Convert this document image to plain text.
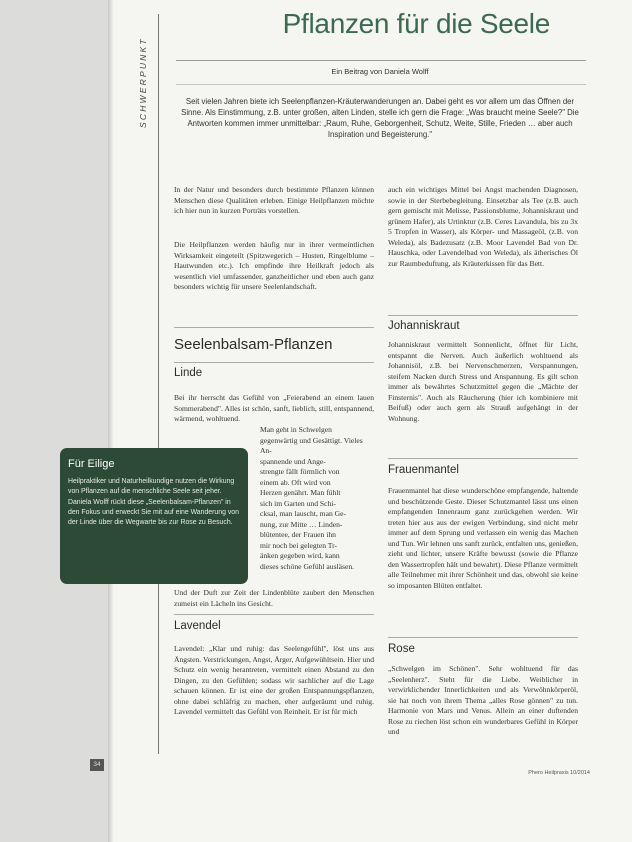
SCHWERPUNKT
Pflanzen für die Seele
Ein Beitrag von Daniela Wolff
Seit vielen Jahren biete ich Seelenpflanzen-Kräuterwanderungen an. Dabei geht es vor allem um das Öffnen der Sinne. Als Einstimmung, z.B. unter großen, alten Linden, stelle ich gern die Frage: „Was braucht meine Seele?" Die Antworten kommen immer unmittelbar: „Raum, Ruhe, Geborgenheit, Schutz, Weite, Stille, Frieden … aber auch Inspiration und Begeisterung."
In der Natur und besonders durch bestimmte Pflanzen können Menschen diese Qualitäten erleben. Einige Heilpflanzen möchte ich hier nun in kurzen Porträts vorstellen.
Die Heilpflanzen werden häufig nur in ihrer vermeintlichen Wirksamkeit eingeteilt (Spitzwegerich – Husten, Ringelblume – Hautwunden etc.). Ich empfinde ihre Heilkraft jedoch als wesentlich viel umfassender, ganzheitlicher und eben auch ganz besonders wichtig für unsere Seelenlandschaft.
Seelenbalsam-Pflanzen
Linde
Bei ihr herrscht das Gefühl von „Feierabend an einem lauen Sommerabend". Alles ist schön, sanft, lieblich, still, entspannend, wärmend, wohltuend.

Man geht in Schwelgen

gegenwärtig und Gesättigt. Vieles An-

spannende und Ange-

strengte fällt förmlich von

einem ab. Oft wird von

Herzen genährt. Man fühlt

sich im Garten und Schi-

cksal, man lauscht, man Ge-

nung, zur Mitte … Linden-

blütentee, der Frauen ihn

mir noch bei gelegten Tr-

änken gegeben wird, kann

dieses schöne Gefühl ausläsen.

Und der Duft zur Zeit der Lindenblüte zaubert den Menschen zumeist ein Lächeln ins Gesicht.
Lavendel
Lavendel: „Klar und ruhig: das Seelengefühl", löst uns aus Ängsten. Verstrickungen, Angst, Ärger, Aufgewühltsein. Hier und Schutz ein wenig herantreten, vermittelt einen Abstand zu den Dingen, zu den Gefühlen; sodass wir sachlicher auf die Lage schauen können. Er ist eine der großen Entspannungspflanzen, ohne dabei schläfrig zu machen, eher aufgeräumt und ruhig. Lavendel vermittelt das Gefühl von Reinheit. Er ist für mich
auch ein wichtiges Mittel bei Angst machenden Diagnosen, sowie in der Sterbebegleitung. Einsetzbar als Tee (z.B. auch gern gemischt mit Melisse, Passionsblume, Johanniskraut und grünem Hafer), als Urtinktur (z.B. Ceres Lavandula, bis zu 3x 5 Tropfen in Wasser), als Körper- und Massageöl, (z.B. von Weleda), als Badezusatz (z.B. Moor Lavendel Bad von Dr. Hauschka, oder Lavendelbad von Weleda), als ätherisches Öl zur Raumbeduftung, als Kräuterkissen für das Bett.
Johanniskraut
Johanniskraut vermittelt Sonnenlicht, öffnet für Licht, entspannt die Nerven. Auch äußerlich wohltuend als Johannisöl, z.B. bei Nervenschmerzen, Verspannungen, steifem Nacken durch Stress und Anspannung. Es gilt schon immer als bewährtes Schutzmittel gegen die „Mächte der Finsternis". Auch als Räucherung (hier ich kombiniere mit Beifuß) oder auch gern als Strauß aufgehängt in der Wohnung.
Frauenmantel
Frauenmantel hat diese wunderschöne empfangende, haltende und beschützende Geste. Dieser Schutzmantel lässt uns einen empfangenden Innenraum ganz zurückgehen werden. Wir treten hier aus aus der ewigen Verbindung, sind nicht mehr immer auf dem Sprung und verlassen ein wenig das Machen und Tun. Wir lehnen uns sanft zurück, entfalten uns, genießen, zieht und lichter, unsere Kräfte bewusst (sowie die Pflanze den Wassertropfen hält und bewahrt). Diese Pflanze vermittelt alle Teilnehmer mit ihrer Schönheit und das, obwohl sie keine so imposanten Blüten entfaltet.
Rose
„Schwelgen im Schönen". Sehr wohltuend für das „Seelenherz". Steht für die Liebe. Weiblicher in verwirklichender Innerlichkeiten und als Verwöhnkörperöl, sie hat noch von ihrem Thema „alles Rose gönnen" zu tun. Harmonie von Mars und Venus. Allein an einer duftenden Rose zu riechen löst schon ein wunderbares Gefühl in Körper und
Für Eilige
Heilpraktiker und Naturheilkundige nutzen die Wirkung von Pflanzen auf die menschliche Seele seit jeher. Daniela Wolff rückt diese „Seelenbalsam-Pflanzen" in den Fokus und erweckt Sie mit auf eine Wanderung von der Linde über die Wegwarte bis zur Rose zu Besuch.
34
Phero Heilpraxis 10/2014
